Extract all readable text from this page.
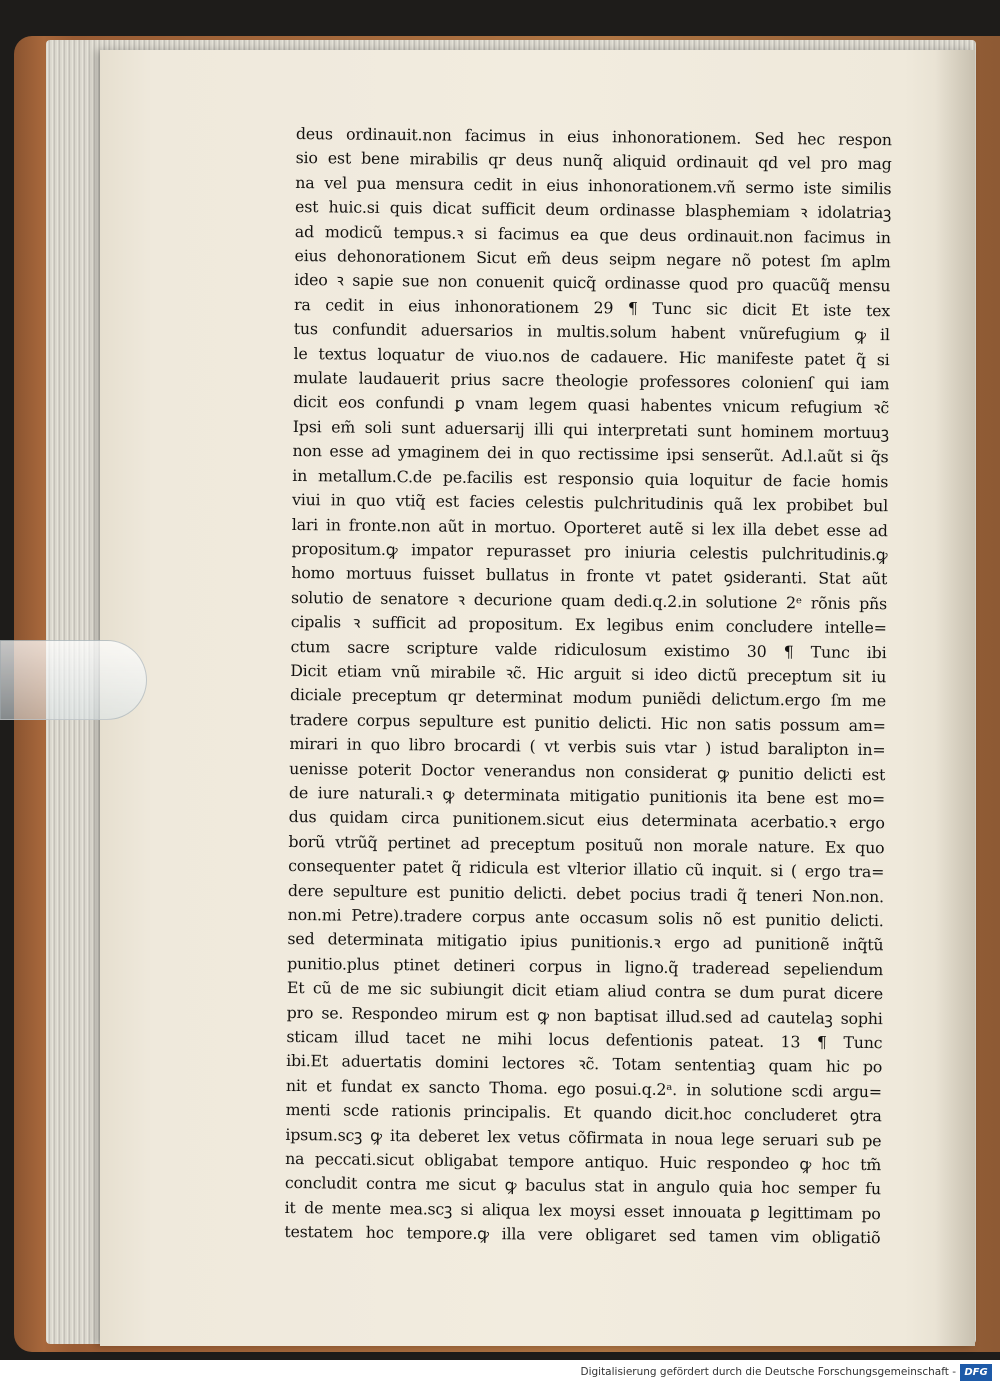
deus ordinauit.non facimus in eius inhonorationem. Sed hec respon
sio est bene mirabilis qr deus nunq̃ aliquid ordinauit qd vel pro mag
na vel pua mensura cedit in eius inhonorationem.vñ sermo iste similis
est huic.si quis dicat sufficit deum ordinasse blasphemiam ꝛ idolatriaꝫ
ad modicũ tempus.ꝛ si facimus ea que deus ordinauit.non facimus in
eius dehonorationem Sicut em̃ deus seipm negare nõ potest ſm aplm
ideo ꝛ sapie sue non conuenit quicq̃ ordinasse quod pro quacũq̃ mensu
ra cedit in eius inhonorationem 29 ¶ Tunc sic dicit Et iste tex
tus confundit aduersarios in multis.solum habent vnũrefugium ꝙ il
le textus loquatur de viuo.nos de cadauere. Hic manifeste patet q̃ si
mulate laudauerit prius sacre theologie professores colonienſ qui iam
dicit eos confundi ꝑ vnam legem quasi habentes vnicum refugium ꝛc̃
Ipsi em̃ soli sunt aduersarij illi qui interpretati sunt hominem mortuuꝫ
non esse ad ymaginem dei in quo rectissime ipsi senserũt. Ad.l.aũt si q̃s
in metallum.C.de pe.facilis est responsio quia loquitur de facie homis
viui in quo vtiq̃ est facies celestis pulchritudinis quã lex probibet bul
lari in fronte.non aũt in mortuo. Oporteret autẽ si lex illa debet esse ad
propositum.ꝙ impator repurasset pro iniuria celestis pulchritudinis.ꝙ
homo mortuus fuisset bullatus in fronte vt patet ꝯsideranti. Stat aũt
solutio de senatore ꝛ decurione quam dedi.q.2.in solutione 2ᵉ rõnis pñs
cipalis ꝛ sufficit ad propositum. Ex legibus enim concludere intelle=
ctum sacre scripture valde ridiculosum existimo 30 ¶ Tunc ibi
Dicit etiam vnũ mirabile ꝛc̃. Hic arguit si ideo dictũ preceptum sit iu
diciale preceptum qr determinat modum puniẽdi delictum.ergo ſm me
tradere corpus sepulture est punitio delicti. Hic non satis possum am=
mirari in quo libro brocardi ( vt verbis suis vtar ) istud baralipton in=
uenisse poterit Doctor venerandus non considerat ꝙ punitio delicti est
de iure naturali.ꝛ ꝙ determinata mitigatio punitionis ita bene est mo=
dus quidam circa punitionem.sicut eius determinata acerbatio.ꝛ ergo
borũ vtrũq̃ pertinet ad preceptum posituũ non morale nature. Ex quo
consequenter patet q̃ ridicula est vlterior illatio cũ inquit. si ( ergo tra=
dere sepulture est punitio delicti. debet pocius tradi q̃ teneri Non.non.
non.mi Petre).tradere corpus ante occasum solis nõ est punitio delicti.
sed determinata mitigatio ipius punitionis.ꝛ ergo ad punitionẽ inq̃tũ
punitio.plus ptinet detineri corpus in ligno.q̃ traderead sepeliendum
Et cũ de me sic subiungit dicit etiam aliud contra se dum purat dicere
pro se. Respondeo mirum est ꝙ non baptisat illud.sed ad cautelaꝫ sophi
sticam illud tacet ne mihi locus defentionis pateat. 13 ¶ Tunc
ibi.Et aduertatis domini lectores ꝛc̃. Totam sententiaꝫ quam hic po
nit et fundat ex sancto Thoma. ego posui.q.2ᵃ. in solutione scdi argu=
menti scde rationis principalis. Et quando dicit.hoc concluderet ꝯtra
ipsum.scꝫ ꝙ ita deberet lex vetus cõfirmata in noua lege seruari sub pe
na peccati.sicut obligabat tempore antiquo. Huic respondeo ꝙ hoc tm̃
concludit contra me sicut ꝙ baculus stat in angulo quia hoc semper fu
it de mente mea.scꝫ si aliqua lex moysi esset innouata ꝑ legittimam po
testatem hoc tempore.ꝙ illa vere obligaret sed tamen vim obligatiõ
Digitalisierung gefördert durch die Deutsche Forschungsgemeinschaft - DFG
